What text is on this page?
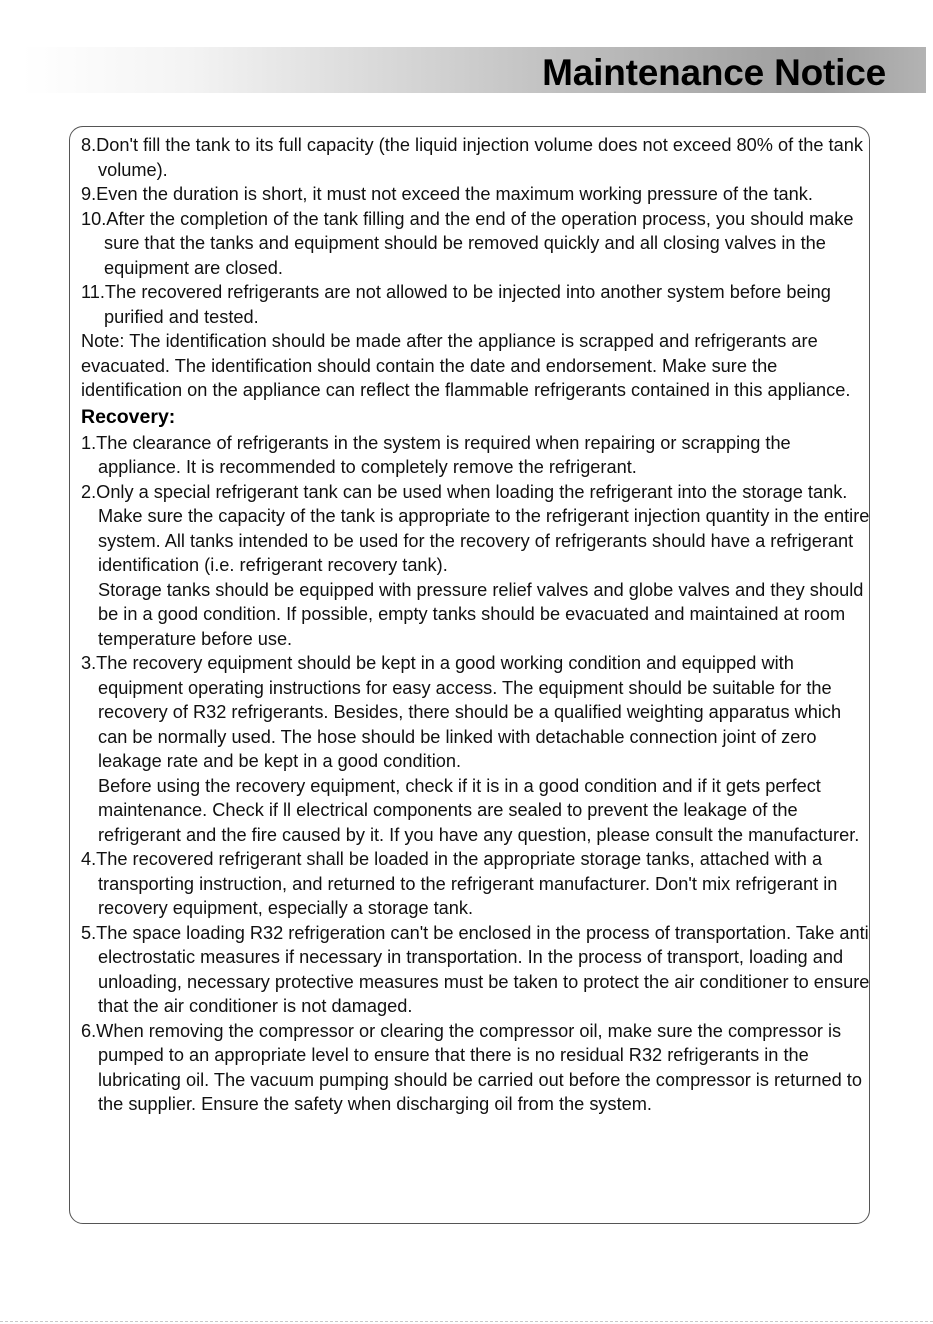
Maintenance Notice

8.Don't fill the tank to its full capacity (the liquid injection volume does not exceed 80% of the tank volume).

9.Even the duration is short, it must not exceed the maximum working pressure of the tank.

10.After the completion of the tank filling and the end of the operation process, you should make sure that the tanks and equipment should be removed quickly and all closing valves in the equipment are closed.

11.The recovered refrigerants are not allowed to be injected into another system before being purified and tested.

Note: The identification should be made after the appliance is scrapped and refrigerants are evacuated. The identification should contain the date and endorsement. Make sure the identification on the appliance can reflect the flammable refrigerants contained in this appliance.

Recovery:

1.The clearance of refrigerants in the system is required when repairing or scrapping the appliance. It is recommended to completely remove the refrigerant.

2.Only a special refrigerant tank can be used when loading the refrigerant into the storage tank. Make sure the capacity of the tank is appropriate to the refrigerant injection quantity in the entire system. All tanks intended to be used for the recovery of refrigerants should have a refrigerant identification (i.e. refrigerant recovery tank).

Storage tanks should be equipped with pressure relief valves and globe valves and they should be in a good condition. If possible, empty tanks should be evacuated and maintained at room temperature before use.

3.The recovery equipment should be kept in a good working condition and equipped with equipment operating instructions for easy access. The equipment should be suitable for the recovery of R32 refrigerants. Besides, there should be a qualified weighting apparatus which can be normally used. The hose should be linked with detachable connection joint of zero leakage rate and be kept in a good condition.

Before using the recovery equipment, check if it is in a good condition and if it gets perfect maintenance. Check if ll electrical components are sealed to prevent the leakage of the refrigerant and the fire caused by it. If you have any question, please consult the manufacturer.

4.The recovered refrigerant shall be loaded in the appropriate storage tanks, attached with a transporting instruction, and returned to the refrigerant manufacturer. Don't mix refrigerant in recovery equipment, especially a storage tank.

5.The space loading R32 refrigeration can't be enclosed in the process of transportation. Take anti electrostatic measures if necessary in transportation. In the process of transport, loading and unloading, necessary protective measures must be taken to protect the air conditioner to ensure that the air conditioner is not damaged.

6.When removing the compressor or clearing the compressor oil, make sure the compressor is pumped to an appropriate level to ensure that there is no residual R32 refrigerants in the lubricating oil. The vacuum pumping should be carried out before the compressor is returned to the supplier. Ensure the safety when discharging oil from the system.
